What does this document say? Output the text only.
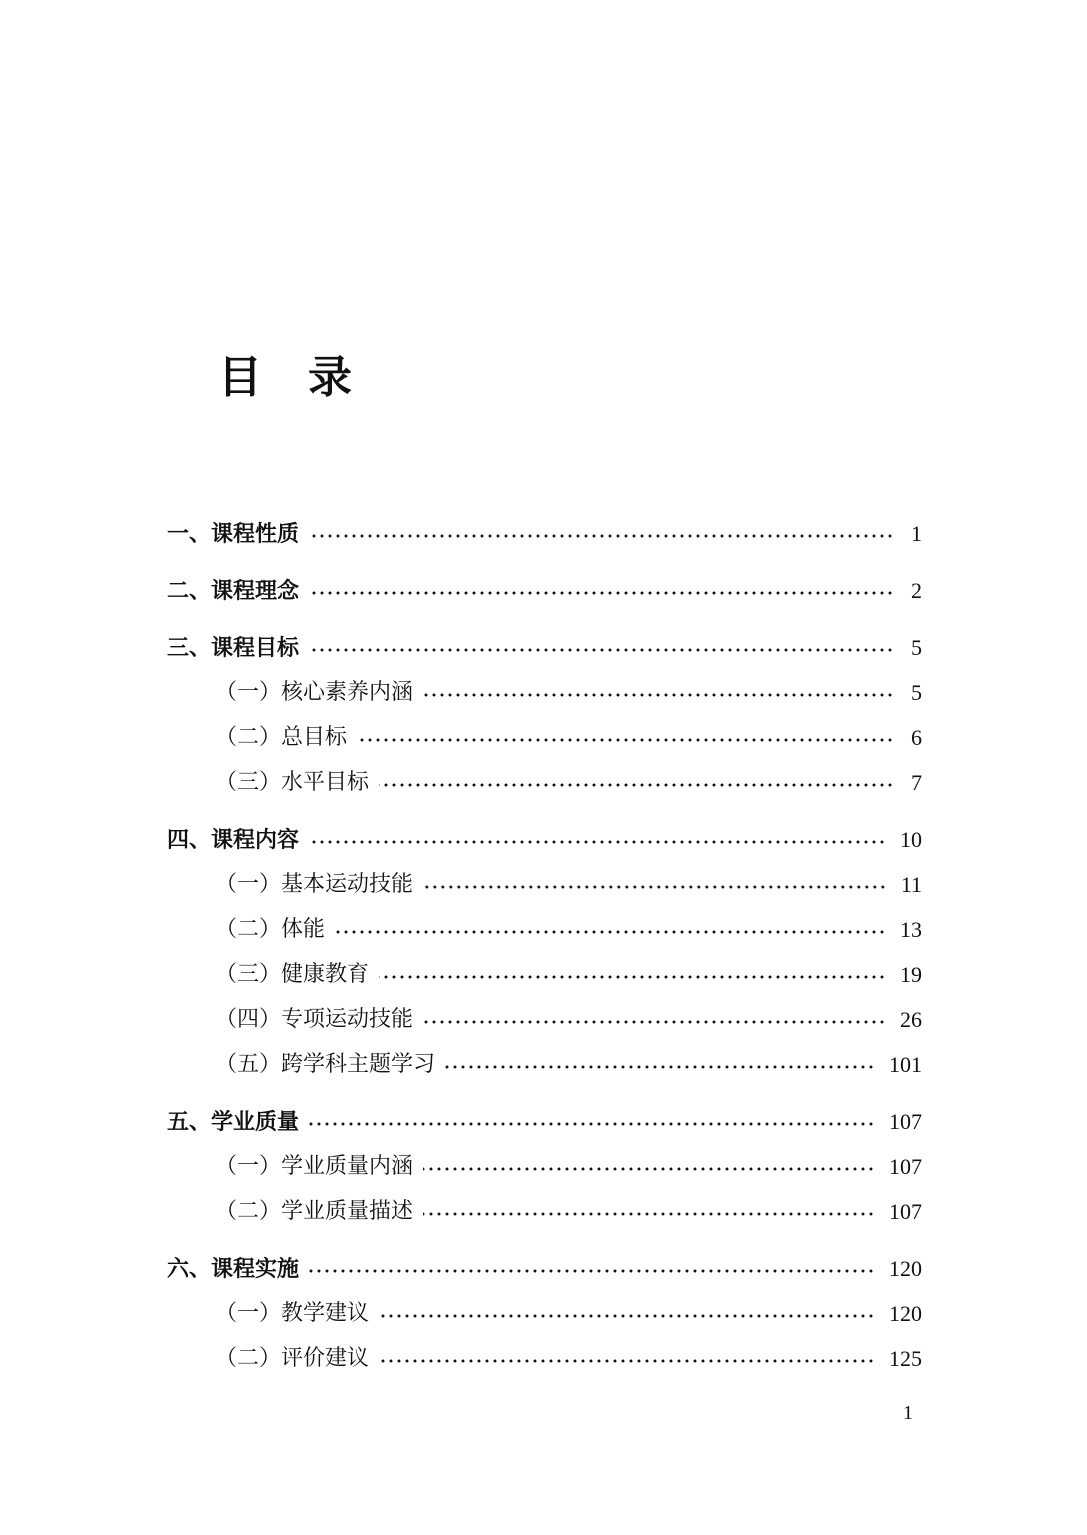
目录
一、课程性质	1
二、课程理念	2
三、课程目标	5
（一）核心素养内涵	5
（二）总目标	6
（三）水平目标	7
四、课程内容	10
（一）基本运动技能	11
（二）体能	13
（三）健康教育	19
（四）专项运动技能	26
（五）跨学科主题学习	101
五、学业质量	107
（一）学业质量内涵	107
（二）学业质量描述	107
六、课程实施	120
（一）教学建议	120
（二）评价建议	125
1
